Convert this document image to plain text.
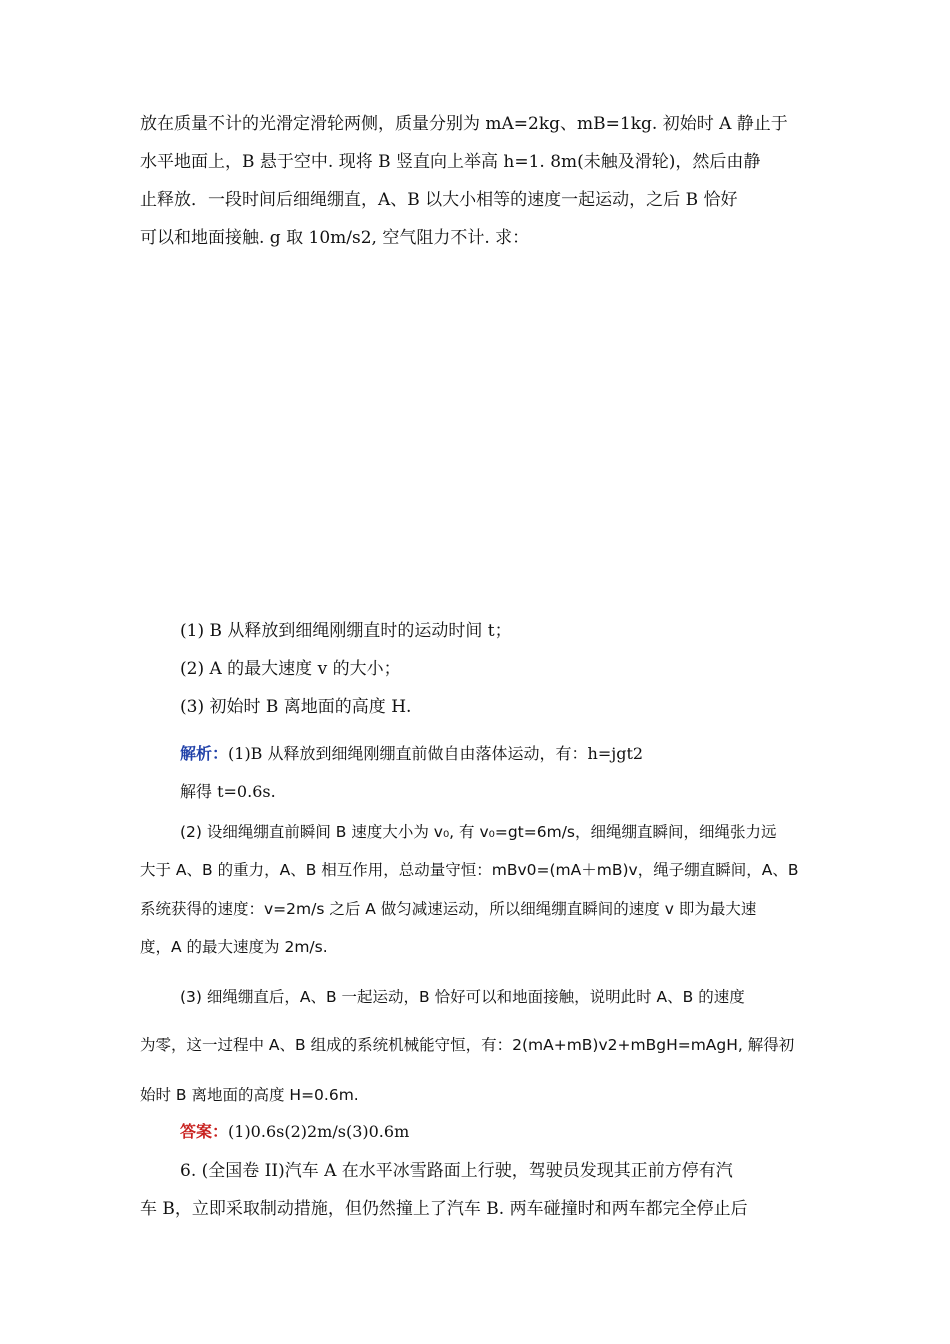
放在质量不计的光滑定滑轮两侧，质量分别为 mA=2kg、mB=1kg. 初始时 A 静止于
水平地面上，B 悬于空中. 现将 B 竖直向上举高 h=1. 8m(未触及滑轮)，然后由静
止释放．一段时间后细绳绷直，A、B 以大小相等的速度一起运动，之后 B 恰好
可以和地面接触. g 取 10m/s2, 空气阻力不计. 求：
(1) B 从释放到细绳刚绷直时的运动时间 t；
(2) A 的最大速度 v 的大小；
(3) 初始时 B 离地面的高度 H.
解析：(1)B 从释放到细绳刚绷直前做自由落体运动，有：h=jgt2
解得 t=0.6s.
(2) 设细绳绷直前瞬间 B 速度大小为 v₀, 有 v₀=gt=6m/s，细绳绷直瞬间，细绳张力远
大于 A、B 的重力，A、B 相互作用，总动量守恒：mBv0=(mA＋mB)v，绳子绷直瞬间，A、B
系统获得的速度：v=2m/s 之后 A 做匀减速运动，所以细绳绷直瞬间的速度 v 即为最大速
度，A 的最大速度为 2m/s.
(3) 细绳绷直后，A、B 一起运动，B 恰好可以和地面接触，说明此时 A、B 的速度
为零，这一过程中 A、B 组成的系统机械能守恒，有：2(mA+mB)v2+mBgH=mAgH, 解得初
始时 B 离地面的高度 H=0.6m.
答案：(1)0.6s(2)2m/s(3)0.6m
6. (全国卷 II)汽车 A 在水平冰雪路面上行驶，驾驶员发现其正前方停有汽
车 B，立即采取制动措施，但仍然撞上了汽车 B. 两车碰撞时和两车都完全停止后
